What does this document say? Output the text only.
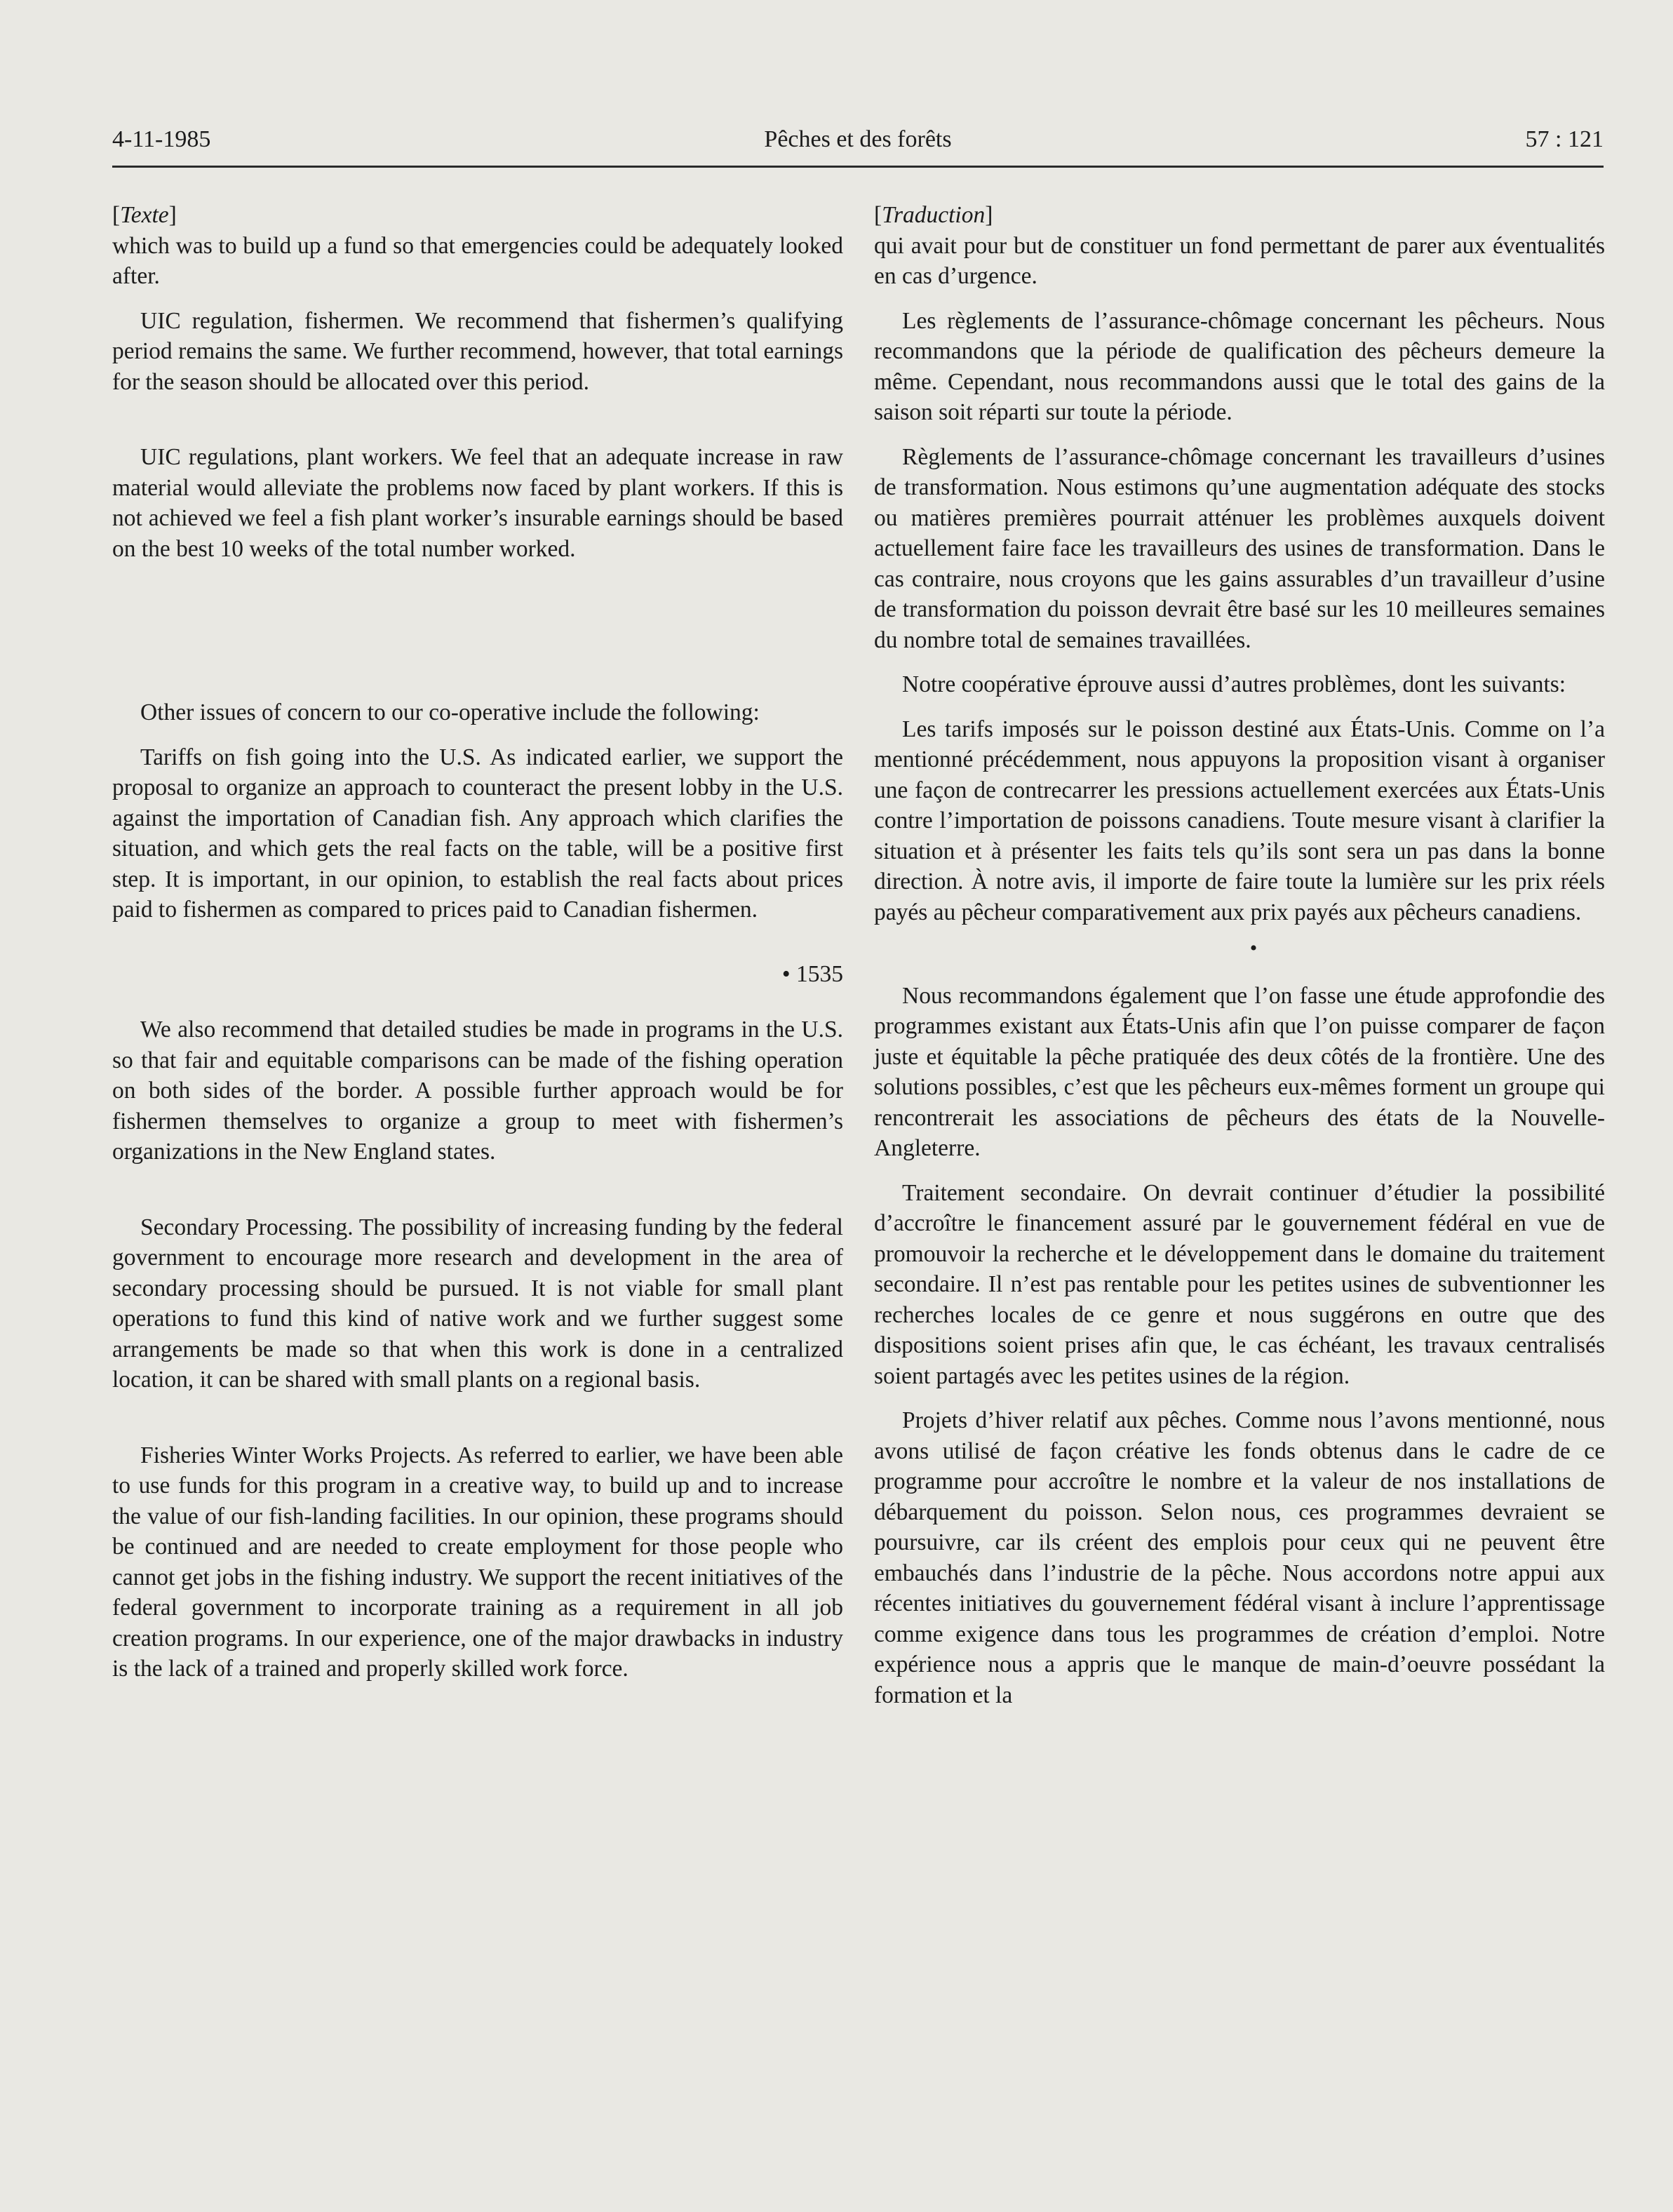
4-11-1985	Pêches et des forêts	57 : 121
[Texte]

which was to build up a fund so that emergencies could be adequately looked after.

UIC regulation, fishermen. We recommend that fishermen’s qualifying period remains the same. We further recommend, however, that total earnings for the season should be allocated over this period.

UIC regulations, plant workers. We feel that an adequate increase in raw material would alleviate the problems now faced by plant workers. If this is not achieved we feel a fish plant worker’s insurable earnings should be based on the best 10 weeks of the total number worked.

Other issues of concern to our co-operative include the following:

Tariffs on fish going into the U.S. As indicated earlier, we support the proposal to organize an approach to counteract the present lobby in the U.S. against the importation of Canadian fish. Any approach which clarifies the situation, and which gets the real facts on the table, will be a positive first step. It is important, in our opinion, to establish the real facts about prices paid to fishermen as compared to prices paid to Canadian fishermen.

• 1535

We also recommend that detailed studies be made in programs in the U.S. so that fair and equitable comparisons can be made of the fishing operation on both sides of the border. A possible further approach would be for fishermen themselves to organize a group to meet with fishermen’s organizations in the New England states.

Secondary Processing. The possibility of increasing funding by the federal government to encourage more research and development in the area of secondary processing should be pursued. It is not viable for small plant operations to fund this kind of native work and we further suggest some arrangements be made so that when this work is done in a centralized location, it can be shared with small plants on a regional basis.

Fisheries Winter Works Projects. As referred to earlier, we have been able to use funds for this program in a creative way, to build up and to increase the value of our fish-landing facilities. In our opinion, these programs should be continued and are needed to create employment for those people who cannot get jobs in the fishing industry. We support the recent initiatives of the federal government to incorporate training as a requirement in all job creation programs. In our experience, one of the major drawbacks in industry is the lack of a trained and properly skilled work force.

[Traduction]

qui avait pour but de constituer un fond permettant de parer aux éventualités en cas d’urgence.

Les règlements de l’assurance-chômage concernant les pêcheurs. Nous recommandons que la période de qualification des pêcheurs demeure la même. Cependant, nous recommandons aussi que le total des gains de la saison soit réparti sur toute la période.

Règlements de l’assurance-chômage concernant les travailleurs d’usines de transformation. Nous estimons qu’une augmentation adéquate des stocks ou matières premières pourrait atténuer les problèmes auxquels doivent actuellement faire face les travailleurs des usines de transformation. Dans le cas contraire, nous croyons que les gains assurables d’un travailleur d’usine de transformation du poisson devrait être basé sur les 10 meilleures semaines du nombre total de semaines travaillées.

Notre coopérative éprouve aussi d’autres problèmes, dont les suivants:

Les tarifs imposés sur le poisson destiné aux États-Unis. Comme on l’a mentionné précédemment, nous appuyons la proposition visant à organiser une façon de contrecarrer les pressions actuellement exercées aux États-Unis contre l’importation de poissons canadiens. Toute mesure visant à clarifier la situation et à présenter les faits tels qu’ils sont sera un pas dans la bonne direction. À notre avis, il importe de faire toute la lumière sur les prix réels payés au pêcheur comparativement aux prix payés aux pêcheurs canadiens.

•

Nous recommandons également que l’on fasse une étude approfondie des programmes existant aux États-Unis afin que l’on puisse comparer de façon juste et équitable la pêche pratiquée des deux côtés de la frontière. Une des solutions possibles, c’est que les pêcheurs eux-mêmes forment un groupe qui rencontrerait les associations de pêcheurs des états de la Nouvelle-Angleterre.

Traitement secondaire. On devrait continuer d’étudier la possibilité d’accroître le financement assuré par le gouvernement fédéral en vue de promouvoir la recherche et le développement dans le domaine du traitement secondaire. Il n’est pas rentable pour les petites usines de subventionner les recherches locales de ce genre et nous suggérons en outre que des dispositions soient prises afin que, le cas échéant, les travaux centralisés soient partagés avec les petites usines de la région.

Projets d’hiver relatif aux pêches. Comme nous l’avons mentionné, nous avons utilisé de façon créative les fonds obtenus dans le cadre de ce programme pour accroître le nombre et la valeur de nos installations de débarquement du poisson. Selon nous, ces programmes devraient se poursuivre, car ils créent des emplois pour ceux qui ne peuvent être embauchés dans l’industrie de la pêche. Nous accordons notre appui aux récentes initiatives du gouvernement fédéral visant à inclure l’apprentissage comme exigence dans tous les programmes de création d’emploi. Notre expérience nous a appris que le manque de main-d’oeuvre possédant la formation et la
